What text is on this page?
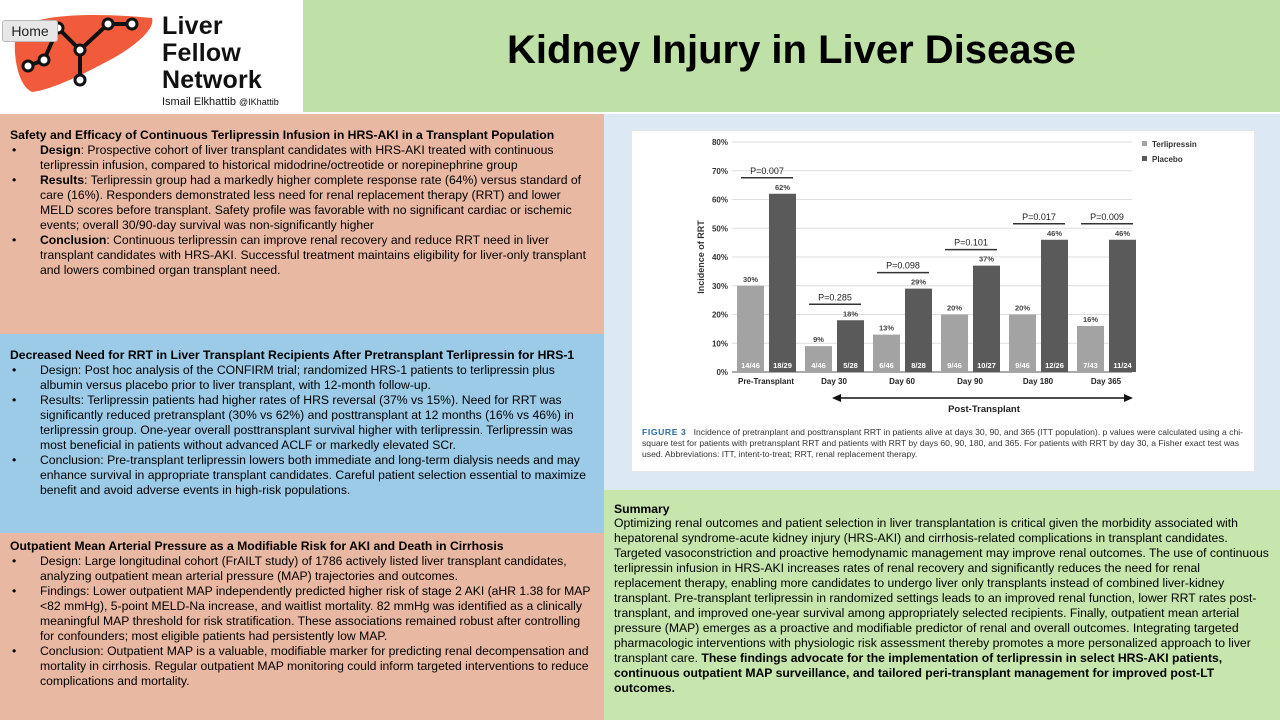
Liver
Fellow
Network
Ismail Elkhattib @IKhattib
Home	Kidney Injury in Liver Disease
Safety and Efficacy of Continuous Terlipressin Infusion in HRS-AKI in a Transplant Population
• Design: Prospective cohort of liver transplant candidates with HRS-AKI treated with continuous terlipressin infusion, compared to historical midodrine/octreotide or norepinephrine group
• Results: Terlipressin group had a markedly higher complete response rate (64%) versus standard of care (16%). Responders demonstrated less need for renal replacement therapy (RRT) and lower MELD scores before transplant. Safety profile was favorable with no significant cardiac or ischemic events; overall 30/90-day survival was non-significantly higher
• Conclusion: Continuous terlipressin can improve renal recovery and reduce RRT need in liver transplant candidates with HRS-AKI. Successful treatment maintains eligibility for liver-only transplant and lowers combined organ transplant need.
Decreased Need for RRT in Liver Transplant Recipients After Pretransplant Terlipressin for HRS-1
• Design: Post hoc analysis of the CONFIRM trial; randomized HRS-1 patients to terlipressin plus albumin versus placebo prior to liver transplant, with 12-month follow-up.
• Results: Terlipressin patients had higher rates of HRS reversal (37% vs 15%). Need for RRT was significantly reduced pretransplant (30% vs 62%) and posttransplant at 12 months (16% vs 46%) in terlipressin group. One-year overall posttransplant survival higher with terlipressin. Terlipressin was most beneficial in patients without advanced ACLF or markedly elevated SCr.
• Conclusion: Pre-transplant terlipressin lowers both immediate and long-term dialysis needs and may enhance survival in appropriate transplant candidates. Careful patient selection essential to maximize benefit and avoid adverse events in high-risk populations.
Outpatient Mean Arterial Pressure as a Modifiable Risk for AKI and Death in Cirrhosis
• Design: Large longitudinal cohort (FrAILT study) of 1786 actively listed liver transplant candidates, analyzing outpatient mean arterial pressure (MAP) trajectories and outcomes.
• Findings: Lower outpatient MAP independently predicted higher risk of stage 2 AKI (aHR 1.38 for MAP <82 mmHg), 5-point MELD-Na increase, and waitlist mortality. 82 mmHg was identified as a clinically meaningful MAP threshold for risk stratification. These associations remained robust after controlling for confounders; most eligible patients had persistently low MAP.
• Conclusion: Outpatient MAP is a valuable, modifiable marker for predicting renal decompensation and mortality in cirrhosis. Regular outpatient MAP monitoring could inform targeted interventions to reduce complications and mortality.
0%
10%
20%
30%
40%
50%
60%
70%
80%
Incidence of RRT	30%
14/46
62%
18/29
Pre-Transplant
P=0.007
9%
4/46
18%
5/28
Day 30
P=0.285
13%
6/46
29%
8/28
Day 60
P=0.098
20%
9/46
37%
10/27
Day 90
P=0.101
20%
9/46
46%
12/26
Day 180
P=0.017
16%
7/43
46%
11/24
Day 365
P=0.009
Post-Transplant
Terlipressin
Placebo
FIGURE 3 Incidence of pretranplant and posttransplant RRT in patients alive at days 30, 90, and 365 (ITT population). p values were calculated using a chi-square test for patients with pretransplant RRT and patients with RRT by days 60, 90, 180, and 365. For patients with RRT by day 30, a Fisher exact test was used. Abbreviations: ITT, intent-to-treat; RRT, renal replacement therapy.
Summary

Optimizing renal outcomes and patient selection in liver transplantation is critical given the morbidity associated with hepatorenal syndrome-acute kidney injury (HRS-AKI) and cirrhosis-related complications in transplant candidates. Targeted vasoconstriction and proactive hemodynamic management may improve renal outcomes. The use of continuous terlipressin infusion in HRS-AKI increases rates of renal recovery and significantly reduces the need for renal replacement therapy, enabling more candidates to undergo liver only transplants instead of combined liver-kidney transplant. Pre-transplant terlipressin in randomized settings leads to an improved renal function, lower RRT rates post-transplant, and improved one-year survival among appropriately selected recipients. Finally, outpatient mean arterial pressure (MAP) emerges as a proactive and modifiable predictor of renal and overall outcomes. Integrating targeted pharmacologic interventions with physiologic risk assessment thereby promotes a more personalized approach to liver transplant care. These findings advocate for the implementation of terlipressin in select HRS-AKI patients, continuous outpatient MAP surveillance, and tailored peri-transplant management for improved post-LT outcomes.
